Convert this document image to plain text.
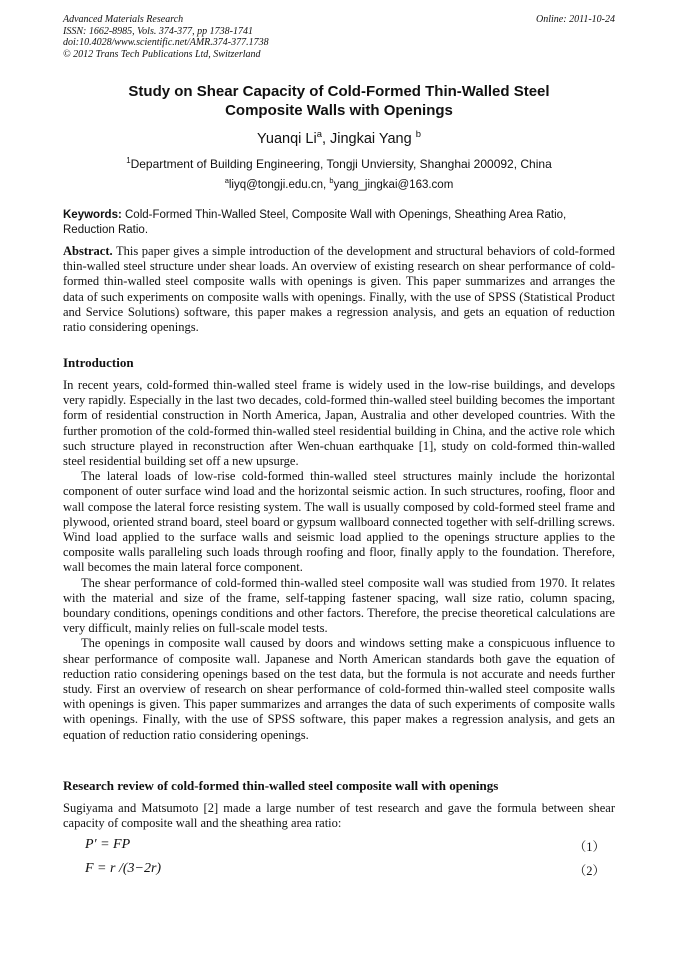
Advanced Materials Research
ISSN: 1662-8985, Vols. 374-377, pp 1738-1741
doi:10.4028/www.scientific.net/AMR.374-377.1738
© 2012 Trans Tech Publications Ltd, Switzerland
Online: 2011-10-24
Study on Shear Capacity of Cold-Formed Thin-Walled Steel
Composite Walls with Openings
Yuanqi Li$^a$, Jingkai Yang $^b$
$^1$Department of Building Engineering, Tongji Unviersity, Shanghai 200092, China
$^a$liyq@tongji.edu.cn, $^b$yang_jingkai@163.com
Keywords: Cold-Formed Thin-Walled Steel, Composite Wall with Openings, Sheathing Area Ratio, Reduction Ratio.
Abstract. This paper gives a simple introduction of the development and structural behaviors of cold-formed thin-walled steel structure under shear loads. An overview of existing research on shear performance of cold-formed thin-walled steel composite walls with openings is given. This paper summarizes and arranges the data of such experiments on composite walls with openings. Finally, with the use of SPSS (Statistical Product and Service Solutions) software, this paper makes a regression analysis, and gets an equation of reduction ratio considering openings.
Introduction

In recent years, cold-formed thin-walled steel frame is widely used in the low-rise buildings, and develops very rapidly. Especially in the last two decades, cold-formed thin-walled steel building becomes the important form of residential construction in North America, Japan, Australia and other developed countries. With the further promotion of the cold-formed thin-walled steel residential building in China, and the active role which such structure played in reconstruction after Wen-chuan earthquake [1], study on cold-formed thin-walled steel residential building set off a new upsurge.

The lateral loads of low-rise cold-formed thin-walled steel structures mainly include the horizontal component of outer surface wind load and the horizontal seismic action. In such structures, roofing, floor and wall compose the lateral force resisting system. The wall is usually composed by cold-formed steel frame and plywood, oriented strand board, steel board or gypsum wallboard connected together with self-drilling screws. Wind load applied to the surface walls and seismic load applied to the openings structure applies to the composite walls paralleling such loads through roofing and floor, finally apply to the foundation. Therefore, wall becomes the main lateral force component.

The shear performance of cold-formed thin-walled steel composite wall was studied from 1970. It relates with the material and size of the frame, self-tapping fastener spacing, wall size ratio, column spacing, boundary conditions, openings conditions and other factors. Therefore, the precise theoretical calculations are very difficult, mainly relies on full-scale model tests.

The openings in composite wall caused by doors and windows setting make a conspicuous influence to shear performance of composite wall. Japanese and North American standards both gave the equation of reduction ratio considering openings based on the test data, but the formula is not accurate and needs further study. First an overview of research on shear performance of cold-formed thin-walled steel composite walls with openings is given. This paper summarizes and arranges the data of such experiments of composite walls with openings. Finally, with the use of SPSS software, this paper makes a regression analysis, and gets an equation of reduction ratio considering openings.

Research review of cold-formed thin-walled steel composite wall with openings
Sugiyama and Matsumoto [2] made a large number of test research and gave the formula between shear capacity of composite wall and the sheathing area ratio:
P′ = FP	（1）
F = r /(3−2r)	（2）
